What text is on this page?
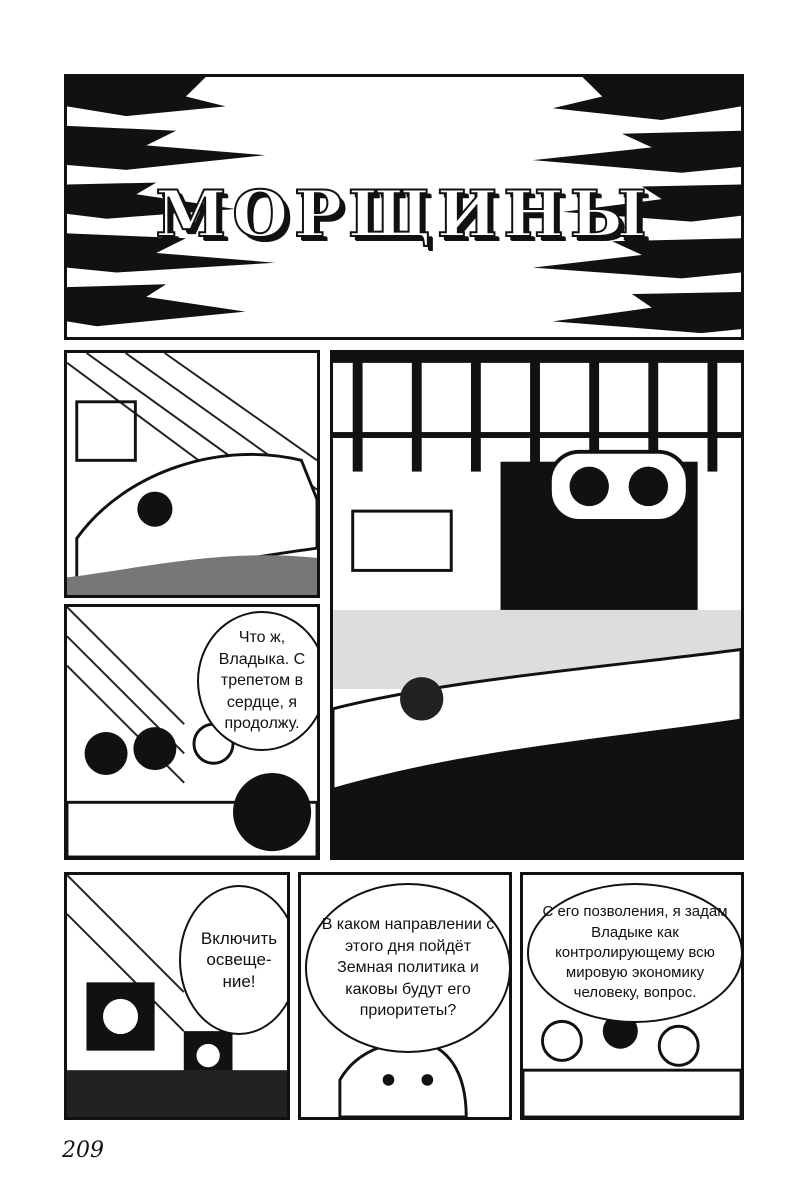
МОРЩИНЫ
Что ж, Владыка. С трепетом в сердце, я продолжу.
Включить освеще-ние!
В каком направлении с этого дня пойдёт Земная политика и каковы будут его приоритеты?
С его позволения, я задам Владыке как контролирующему всю мировую экономику человеку, вопрос.
209
